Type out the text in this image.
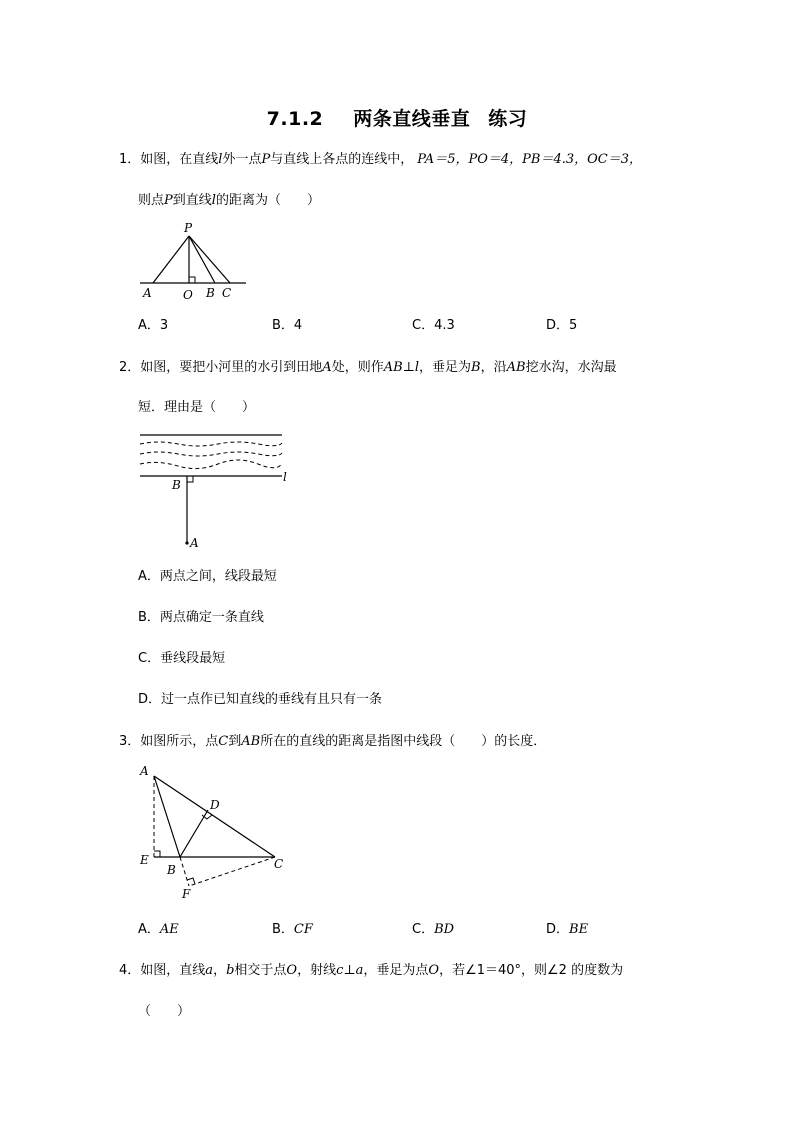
7.1.2 两条直线垂直 练习
1．如图，在直线l外一点P与直线上各点的连线中， PA＝5，PO＝4，PB＝4.3，OC＝3，
则点P到直线l的距离为（　　）
P
A	O B C
A．3	B．4	C．4.3	D．5
2．如图，要把小河里的水引到田地A处，则作AB⊥l，垂足为B，沿AB挖水沟，水沟最
短．理由是（　　）
B
l
A
A．两点之间，线段最短
B．两点确定一条直线
C．垂线段最短
D．过一点作已知直线的垂线有且只有一条
3．如图所示，点C到AB所在的直线的距离是指图中线段（　　）的长度．
A
D
E
B	C
F
A．AE	B．CF	C．BD	D．BE
4．如图，直线a，b相交于点O，射线c⊥a，垂足为点O，若∠1＝40°，则∠2 的度数为
（　　）
